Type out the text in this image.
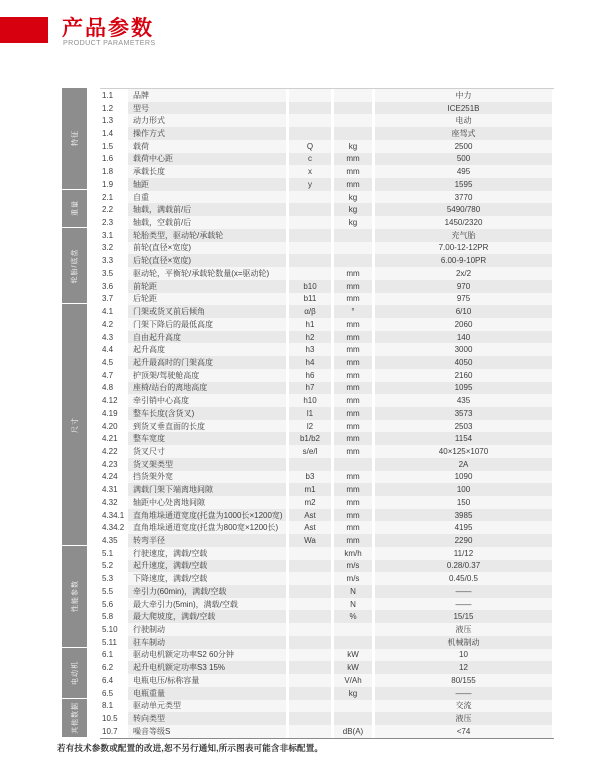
产品参数
PRODUCT PARAMETERS
特征
重量
轮胎/底盘
尺寸
性能参数
电动机
其他数据
1.1 品牌	中力
1.2 型号	ICE251B
1.3 动力形式	电动
1.4 操作方式	座驾式
1.5 载荷	Q	kg	2500
1.6 载荷中心距	c	mm	500
1.8 承载长度	x	mm	495
1.9 轴距	y	mm	1595
2.1 自重	kg	3770
2.2 轴载，满载前/后	kg	5490/780
2.3 轴载，空载前/后	kg	1450/2320
3.1 轮胎类型，驱动轮/承载轮	充气胎
3.2 前轮(直径×宽度)	7.00-12-12PR
3.3 后轮(直径×宽度)	6.00-9-10PR
3.5 驱动轮，平衡轮/承载轮数量(x=驱动轮)	mm	2x/2
3.6 前轮距	b10	mm	970
3.7 后轮距	b11	mm	975
4.1 门架或货叉前后倾角	α/β	°	6/10
4.2 门架下降后的最低高度	h1	mm	2060
4.3 自由起升高度	h2	mm	140
4.4 起升高度	h3	mm	3000
4.5 起升最高时的门架高度	h4	mm	4050
4.7 护顶架/驾驶舱高度	h6	mm	2160
4.8 座椅/站台的离地高度	h7	mm	1095
4.12 牵引销中心高度	h10	mm	435
4.19 整车长度(含货叉)	l1	mm	3573
4.20 到货叉垂直面的长度	l2	mm	2503
4.21 整车宽度	b1/b2	mm	1154
4.22 货叉尺寸	s/e/l	mm	40×125×1070
4.23 货叉架类型	2A
4.24 挡货架外宽	b3	mm	1090
4.31 满载门架下端离地间隙	m1	mm	100
4.32 轴距中心处离地间隙	m2	mm	150
4.34.1 直角堆垛通道宽度(托盘为1000长×1200宽)	Ast	mm	3985
4.34.2 直角堆垛通道宽度(托盘为800宽×1200长)	Ast	mm	4195
4.35 转弯半径	Wa	mm	2290
5.1 行驶速度，满载/空载	km/h	11/12
5.2 起升速度，满载/空载	m/s	0.28/0.37
5.3 下降速度，满载/空载	m/s	0.45/0.5
5.5 牵引力(60min)，满载/空载	N	——
5.6 最大牵引力(5min)，满载/空载	N	——
5.8 最大爬坡度，满载/空载	%	15/15
5.10 行驶制动	液压
5.11 驻车制动	机械制动
6.1 驱动电机额定功率S2 60分钟	kW	10
6.2 起升电机额定功率S3 15%	kW	12
6.4 电瓶电压/标称容量	V/Ah	80/155
6.5 电瓶重量	kg	——
8.1 驱动单元类型	交流
10.5 转向类型	液压
10.7 噪音等级S	dB(A)	<74
若有技术参数或配置的改进,恕不另行通知,所示图表可能含非标配置。
